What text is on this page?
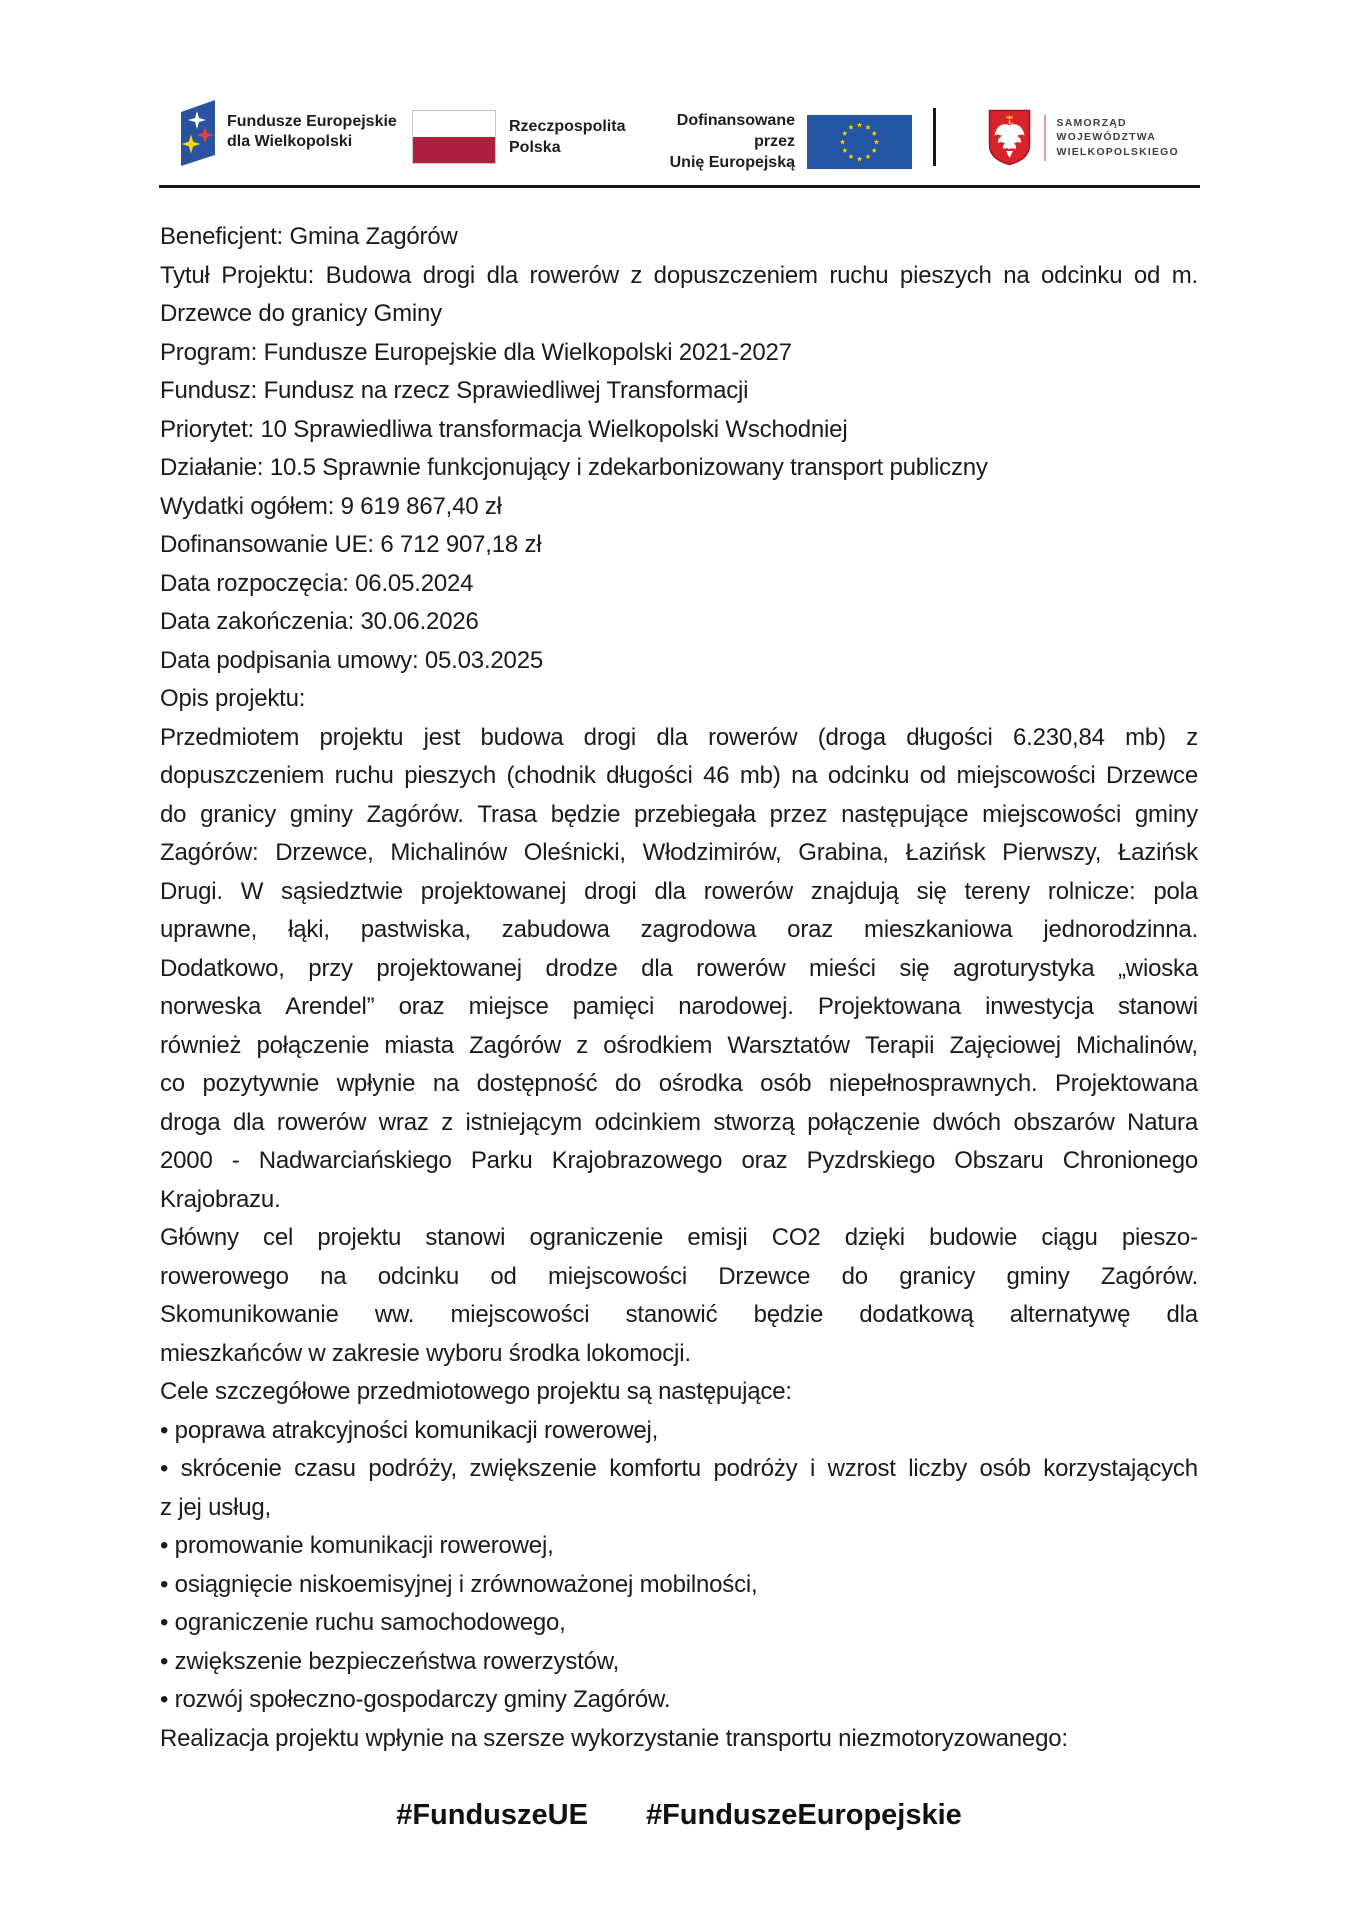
Fundusze Europejskie
dla Wielkopolski
Rzeczpospolita
Polska
Dofinansowane przez
Unię Europejską
SAMORZĄD
WOJEWÓDZTWA
WIELKOPOLSKIEGO
Beneficjent: Gmina Zagórów
Tytuł Projektu: Budowa drogi dla rowerów z dopuszczeniem ruchu pieszych na odcinku od m.
Drzewce do granicy Gminy
Program: Fundusze Europejskie dla Wielkopolski 2021-2027
Fundusz: Fundusz na rzecz Sprawiedliwej Transformacji
Priorytet: 10 Sprawiedliwa transformacja Wielkopolski Wschodniej
Działanie: 10.5 Sprawnie funkcjonujący i zdekarbonizowany transport publiczny
Wydatki ogółem: 9 619 867,40 zł
Dofinansowanie UE: 6 712 907,18 zł
Data rozpoczęcia: 06.05.2024
Data zakończenia: 30.06.2026
Data podpisania umowy: 05.03.2025
Opis projektu:
Przedmiotem projektu jest budowa drogi dla rowerów (droga długości 6.230,84 mb) z
dopuszczeniem ruchu pieszych (chodnik długości 46 mb) na odcinku od miejscowości Drzewce
do granicy gminy Zagórów. Trasa będzie przebiegała przez następujące miejscowości gminy
Zagórów: Drzewce, Michalinów Oleśnicki, Włodzimirów, Grabina, Łazińsk Pierwszy, Łazińsk
Drugi. W sąsiedztwie projektowanej drogi dla rowerów znajdują się tereny rolnicze: pola
uprawne, łąki, pastwiska, zabudowa zagrodowa oraz mieszkaniowa jednorodzinna.
Dodatkowo, przy projektowanej drodze dla rowerów mieści się agroturystyka „wioska
norweska Arendel” oraz miejsce pamięci narodowej. Projektowana inwestycja stanowi
również połączenie miasta Zagórów z ośrodkiem Warsztatów Terapii Zajęciowej Michalinów,
co pozytywnie wpłynie na dostępność do ośrodka osób niepełnosprawnych. Projektowana
droga dla rowerów wraz z istniejącym odcinkiem stworzą połączenie dwóch obszarów Natura
2000 - Nadwarciańskiego Parku Krajobrazowego oraz Pyzdrskiego Obszaru Chronionego
Krajobrazu.
Główny cel projektu stanowi ograniczenie emisji CO2 dzięki budowie ciągu pieszo-
rowerowego na odcinku od miejscowości Drzewce do granicy gminy Zagórów.
Skomunikowanie ww. miejscowości stanowić będzie dodatkową alternatywę dla
mieszkańców w zakresie wyboru środka lokomocji.
Cele szczegółowe przedmiotowego projektu są następujące:
• poprawa atrakcyjności komunikacji rowerowej,
• skrócenie czasu podróży, zwiększenie komfortu podróży i wzrost liczby osób korzystających
z jej usług,
• promowanie komunikacji rowerowej,
• osiągnięcie niskoemisyjnej i zrównoważonej mobilności,
• ograniczenie ruchu samochodowego,
• zwiększenie bezpieczeństwa rowerzystów,
• rozwój społeczno-gospodarczy gminy Zagórów.
Realizacja projektu wpłynie na szersze wykorzystanie transportu niezmotoryzowanego:
#FunduszeUE #FunduszeEuropejskie
